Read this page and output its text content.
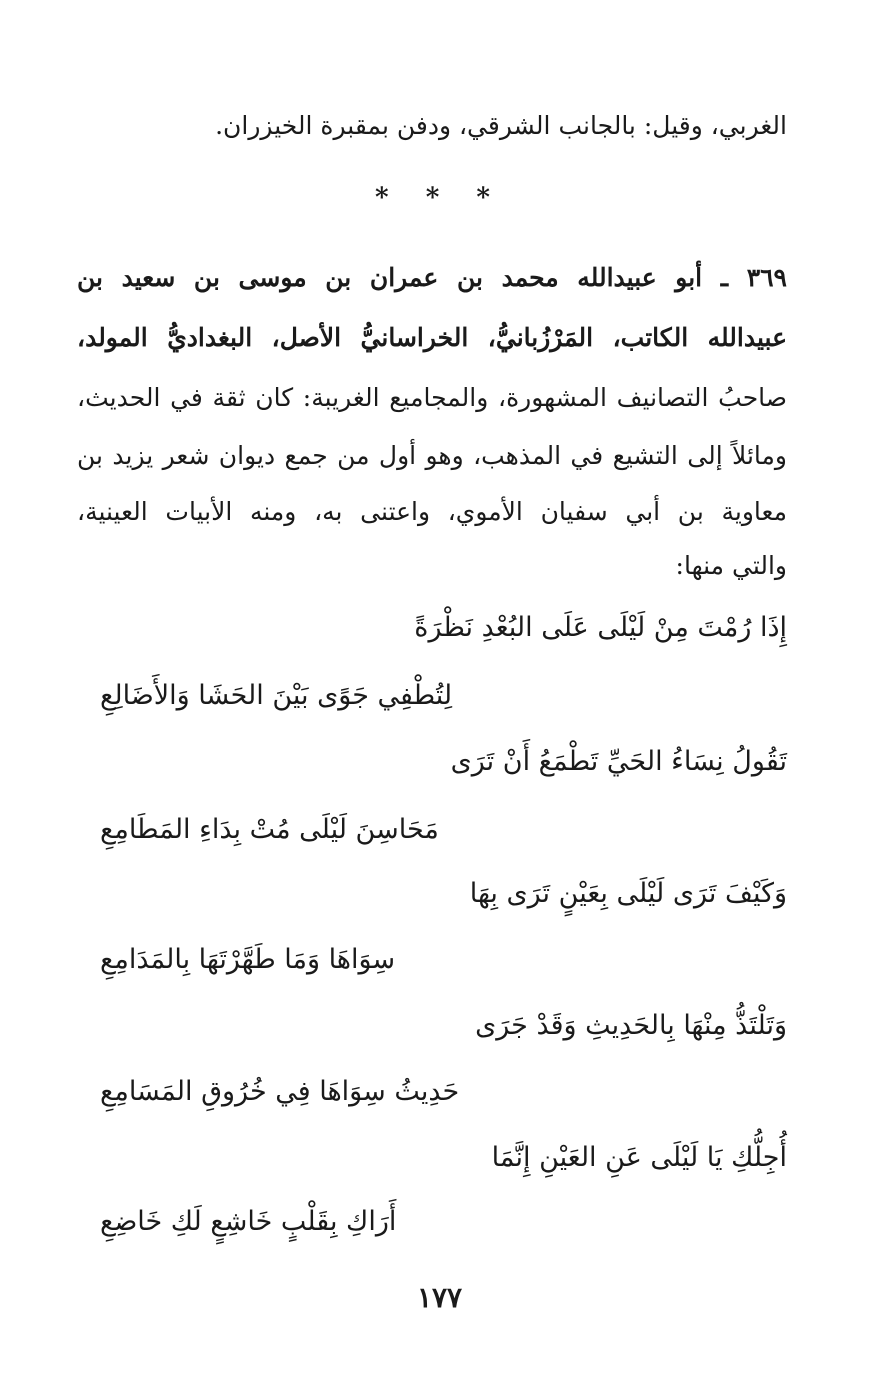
الغربي، وقيل: بالجانب الشرقي، ودفن بمقبرة الخيزران.
* * *
٣٦٩ ـ أبو عبيدالله محمد بن عمران بن موسى بن سعيد بن
عبيدالله الكاتب، المَرْزُبانيُّ، الخراسانيُّ الأصل، البغداديُّ المولد،
صاحبُ التصانيف المشهورة، والمجاميع الغريبة: كان ثقة في الحديث،
ومائلاً إلى التشيع في المذهب، وهو أول من جمع ديوان شعر يزيد بن
معاوية بن أبي سفيان الأموي، واعتنى به، ومنه الأبيات العينية،
والتي منها:
إِذَا رُمْتَ مِنْ لَيْلَى عَلَى البُعْدِ نَظْرَةً
لِتُطْفِي جَوًى بَيْنَ الحَشَا وَالأَضَالِعِ
تَقُولُ نِسَاءُ الحَيِّ تَطْمَعُ أَنْ تَرَى
مَحَاسِنَ لَيْلَى مُتْ بِدَاءِ المَطَامِعِ
وَكَيْفَ تَرَى لَيْلَى بِعَيْنٍ تَرَى بِهَا
سِوَاهَا وَمَا طَهَّرْتَهَا بِالمَدَامِعِ
وَتَلْتَذُّ مِنْهَا بِالحَدِيثِ وَقَدْ جَرَى
حَدِيثُ سِوَاهَا فِي خُرُوقِ المَسَامِعِ
أُجِلُّكِ يَا لَيْلَى عَنِ العَيْنِ إِنَّمَا
أَرَاكِ بِقَلْبٍ خَاشِعٍ لَكِ خَاضِعِ
١٧٧
